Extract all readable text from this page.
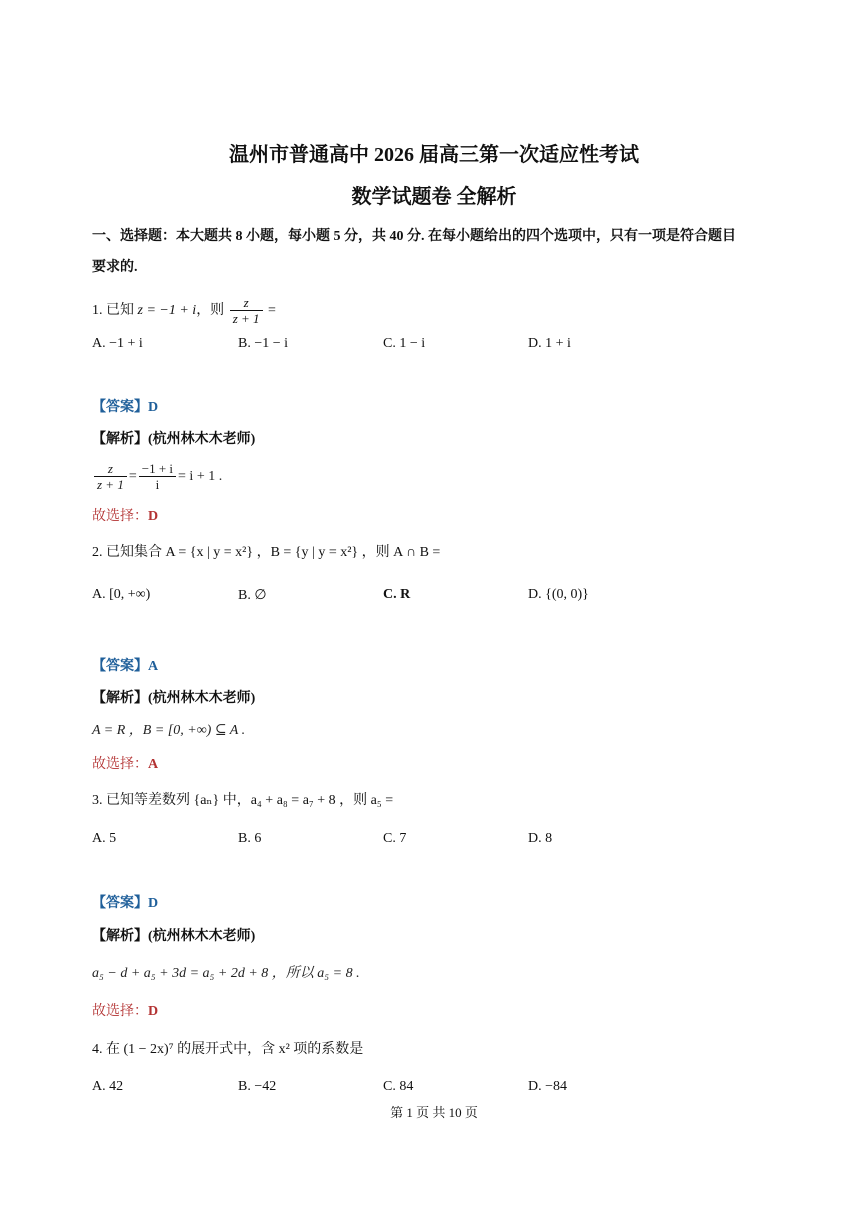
温州市普通高中 2026 届高三第一次适应性考试
数学试题卷 全解析
一、选择题：本大题共 8 小题，每小题 5 分，共 40 分. 在每小题给出的四个选项中，只有一项是符合题目
要求的.
1. 已知 z = −1 + i，则 $\frac{z}{z + 1}$ =
A. −1 + i	B. −1 − i	C. 1 − i	D. 1 + i
【答案】D
【解析】(杭州林木木老师)
$\frac{z}{z + 1} = \frac{-1 + i}{i} = i + 1$ .
故选择：D
2. 已知集合 A = {x | y = x²} ，B = {y | y = x²} ，则 A ∩ B =
A. [0, +∞)	B. ∅	C. R	D. {(0, 0)}
【答案】A
【解析】(杭州林木木老师)
A = R ，B = [0, +∞) ⊆ A .
故选择：A
3. 已知等差数列 {aₙ} 中，a₄ + a₈ = a₇ + 8 ，则 a₅ =
A. 5	B. 6	C. 7	D. 8
【答案】D
【解析】(杭州林木木老师)
a₅ − d + a₅ + 3d = a₅ + 2d + 8 ，所以 a₅ = 8 .
故选择：D
4. 在 (1 − 2x)⁷ 的展开式中，含 x² 项的系数是
A. 42	B. −42	C. 84	D. −84
第 1 页 共 10 页
